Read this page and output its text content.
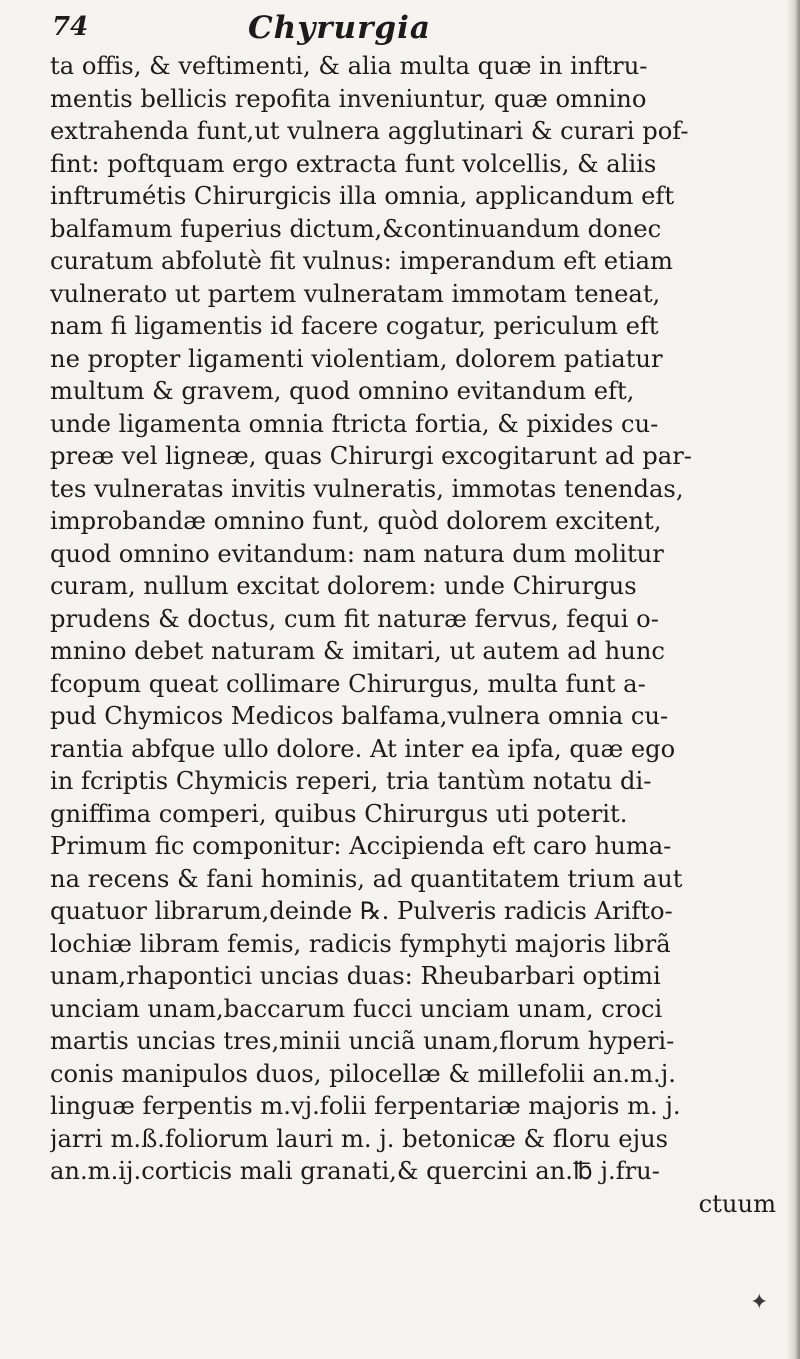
74	Chyrurgia
ta offis, & veftimenti, & alia multa quæ in inftru-
mentis bellicis repofita inveniuntur, quæ omnino
extrahenda funt,ut vulnera agglutinari & curari pof-
fint: poftquam ergo extracta funt volcellis, & aliis
inftrumétis Chirurgicis illa omnia, applicandum eft
balfamum fuperius dictum,&continuandum donec
curatum abfolutè fit vulnus: imperandum eft etiam
vulnerato ut partem vulneratam immotam teneat,
nam fi ligamentis id facere cogatur, periculum eft
ne propter ligamenti violentiam, dolorem patiatur
multum & gravem, quod omnino evitandum eft,
unde ligamenta omnia ftricta fortia, & pixides cu-
preæ vel ligneæ, quas Chirurgi excogitarunt ad par-
tes vulneratas invitis vulneratis, immotas tenendas,
improbandæ omnino funt, quòd dolorem excitent,
quod omnino evitandum: nam natura dum molitur
curam, nullum excitat dolorem: unde Chirurgus
prudens & doctus, cum fit naturæ fervus, fequi o-
mnino debet naturam & imitari, ut autem ad hunc
fcopum queat collimare Chirurgus, multa funt a-
pud Chymicos Medicos balfama,vulnera omnia cu-
rantia abfque ullo dolore. At inter ea ipfa, quæ ego
in fcriptis Chymicis reperi, tria tantùm notatu di-
gniffima comperi, quibus Chirurgus uti poterit.
Primum fic componitur: Accipienda eft caro huma-
na recens & fani hominis, ad quantitatem trium aut
quatuor librarum,deinde ℞. Pulveris radicis Arifto-
lochiæ libram femis, radicis fymphyti majoris librã
unam,rhapontici uncias duas: Rheubarbari optimi
unciam unam,baccarum fucci unciam unam, croci
martis uncias tres,minii unciã unam,florum hyperi-
conis manipulos duos, pilocellæ & millefolii an.m.j.
linguæ ferpentis m.vj.folii ferpentariæ majoris m. j.
jarri m.ß.foliorum lauri m. j. betonicæ & floru ejus
an.m.ij.corticis mali granati,& quercini an.℔ j.fru-
ctuum
✦
